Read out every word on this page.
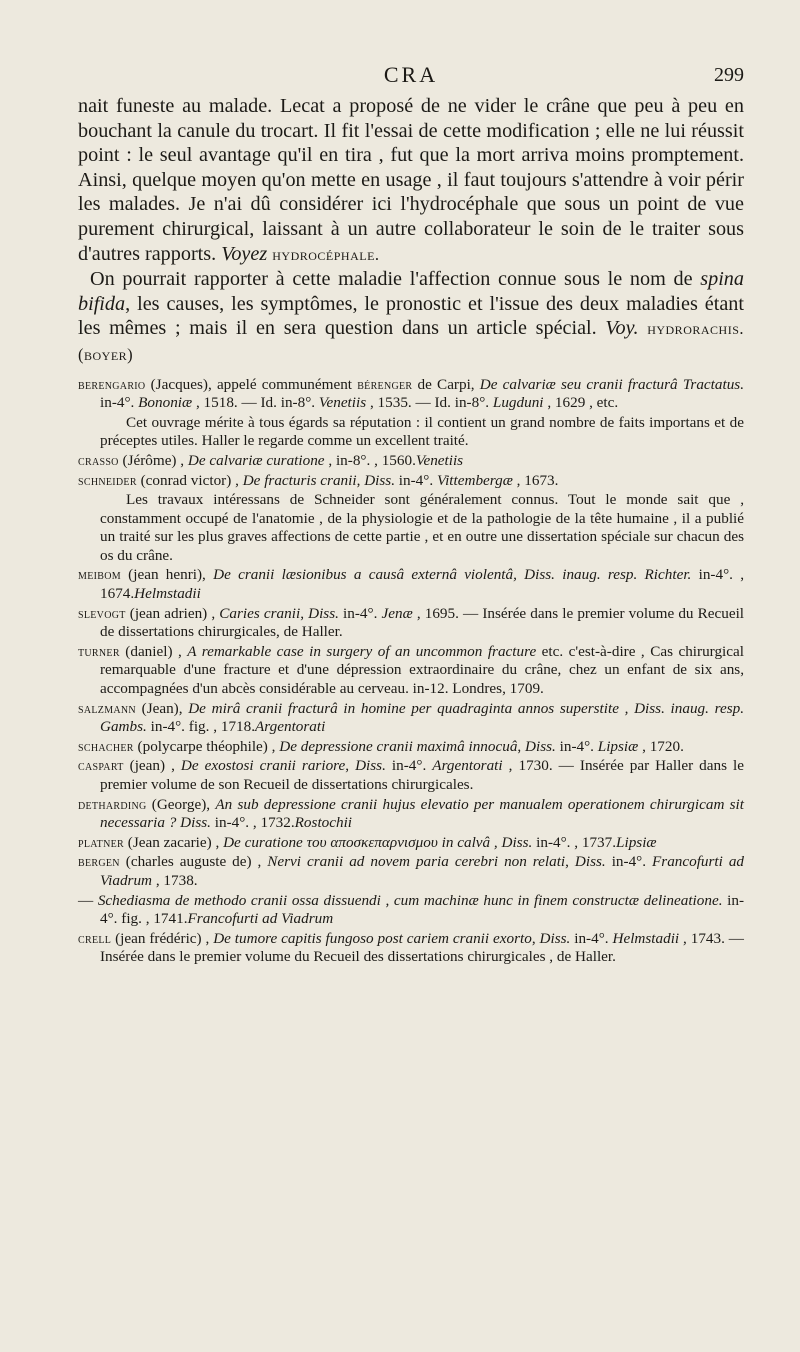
CRA	299

nait funeste au malade. Lecat a proposé de ne vider le crâne que peu à peu en bouchant la canule du trocart. Il fit l'essai de cette modification ; elle ne lui réussit point : le seul avantage qu'il en tira , fut que la mort arriva moins promptement. Ainsi, quelque moyen qu'on mette en usage , il faut toujours s'attendre à voir périr les malades. Je n'ai dû considérer ici l'hydrocéphale que sous un point de vue purement chirurgical, laissant à un autre collaborateur le soin de le traiter sous d'autres rapports. Voyez hydrocéphale.

On pourrait rapporter à cette maladie l'affection connue sous le nom de spina bifida, les causes, les symptômes, le pronostic et l'issue des deux maladies étant les mêmes ; mais il en sera question dans un article spécial. Voy. hydrorachis. (boyer)

berengario (Jacques), appelé communément bérenger de Carpi, De calvariæ seu cranii fracturâ Tractatus. in-4°. Bononiæ , 1518. — Id. in-8°. Venetiis , 1535. — Id. in-8°. Lugduni , 1629 , etc.

Cet ouvrage mérite à tous égards sa réputation : il contient un grand nombre de faits importans et de préceptes utiles. Haller le regarde comme un excellent traité.

crasso (Jérôme) , De calvariæ curatione , in-8°. , 1560.Venetiis

schneider (conrad victor) , De fracturis cranii, Diss. in-4°. Vittembergæ , 1673.

Les travaux intéressans de Schneider sont généralement connus. Tout le monde sait que , constamment occupé de l'anatomie , de la physiologie et de la pathologie de la tête humaine , il a publié un traité sur les plus graves affections de cette partie , et en outre une dissertation spéciale sur chacun des os du crâne.

meibom (jean henri), De cranii læsionibus a causâ externâ violentâ, Diss. inaug. resp. Richter. in-4°. , 1674.Helmstadii

slevogt (jean adrien) , Caries cranii, Diss. in-4°. Jenæ , 1695. — Insérée dans le premier volume du Recueil de dissertations chirurgicales, de Haller.

turner (daniel) , A remarkable case in surgery of an uncommon fracture etc. c'est-à-dire , Cas chirurgical remarquable d'une fracture et d'une dépression extraordinaire du crâne, chez un enfant de six ans, accompagnées d'un abcès considérable au cerveau. in-12. Londres, 1709.

salzmann (Jean), De mirâ cranii fracturâ in homine per quadraginta annos superstite , Diss. inaug. resp. Gambs. in-4°. fig. , 1718.Argentorati

schacher (polycarpe théophile) , De depressione cranii maximâ innocuâ, Diss. in-4°. Lipsiæ , 1720.

caspart (jean) , De exostosi cranii rariore, Diss. in-4°. Argentorati , 1730. — Insérée par Haller dans le premier volume de son Recueil de dissertations chirurgicales.

detharding (George), An sub depressione cranii hujus elevatio per manualem operationem chirurgicam sit necessaria ? Diss. in-4°. , 1732.Rostochii

platner (Jean zacarie) , De curatione του αποσκεπαρνισμου in calvâ , Diss. in-4°. , 1737.Lipsiæ

bergen (charles auguste de) , Nervi cranii ad novem paria cerebri non relati, Diss. in-4°. Francofurti ad Viadrum , 1738.

— Schediasma de methodo cranii ossa dissuendi , cum machinæ hunc in finem constructæ delineatione. in-4°. fig. , 1741.Francofurti ad Viadrum

crell (jean frédéric) , De tumore capitis fungoso post cariem cranii exorto, Diss. in-4°. Helmstadii , 1743. — Insérée dans le premier volume du Recueil des dissertations chirurgicales , de Haller.
